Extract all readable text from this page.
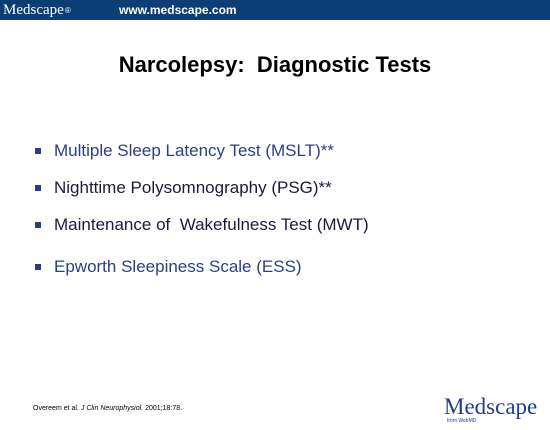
Medscape®	www.medscape.com
Narcolepsy:  Diagnostic Tests

Multiple Sleep Latency Test (MSLT)**

Nighttime Polysomnography (PSG)**

Maintenance of  Wakefulness Test (MWT)

Epworth Sleepiness Scale (ESS)

Overeem et al. J Clin Neurophysiol. 2001;18:78.	Medscape
from WebMD
